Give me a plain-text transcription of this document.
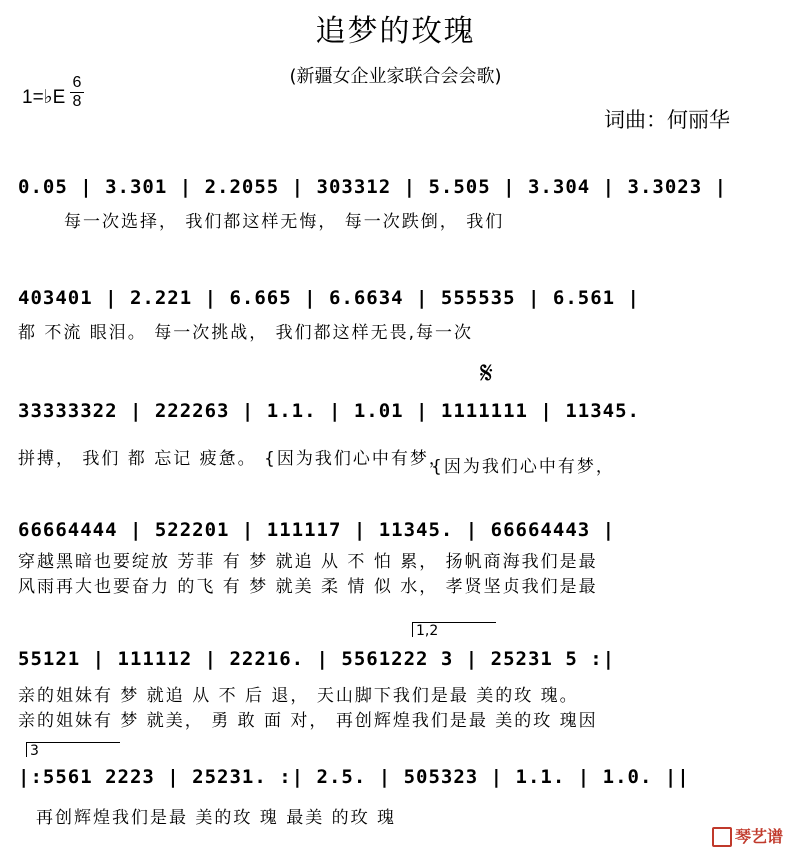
追梦的玫瑰
(新疆女企业家联合会会歌)
1=♭E
6
8
词曲：何丽华
0.05 | 3.301 | 2.2055 | 303312 | 5.505 | 3.304 | 3.3023 |
每一次选择， 我们都这样无悔， 每一次跌倒， 我们
403401 | 2.221 | 6.665 | 6.6634 | 555535 | 6.561 |
都 不流 眼泪。 每一次挑战， 我们都这样无畏,每一次
𝄋
33333322 | 222263 | 1.1. | 1.01 | 1111111 | 11345.
拼搏， 我们 都 忘记 疲惫。 {因为我们心中有梦，
{因为我们心中有梦，
66664444 | 522201 | 111117 | 11345. | 66664443 |
穿越黑暗也要绽放 芳菲 有 梦 就追 从 不 怕 累， 扬帆商海我们是最
风雨再大也要奋力 的飞 有 梦 就美 柔 情 似 水， 孝贤坚贞我们是最
1,2
55121 | 111112 | 22216. | 5561222 3 | 25231 5 :|
亲的姐妹有 梦 就追 从 不 后 退， 天山脚下我们是最 美的玫 瑰。
亲的姐妹有 梦 就美， 勇 敢 面 对， 再创辉煌我们是最 美的玫 瑰因
3
|:5561 2223 | 25231. :| 2.5. | 505323 | 1.1. | 1.0. ||
再创辉煌我们是最 美的玫 瑰 最美 的玫 瑰
琴艺谱
